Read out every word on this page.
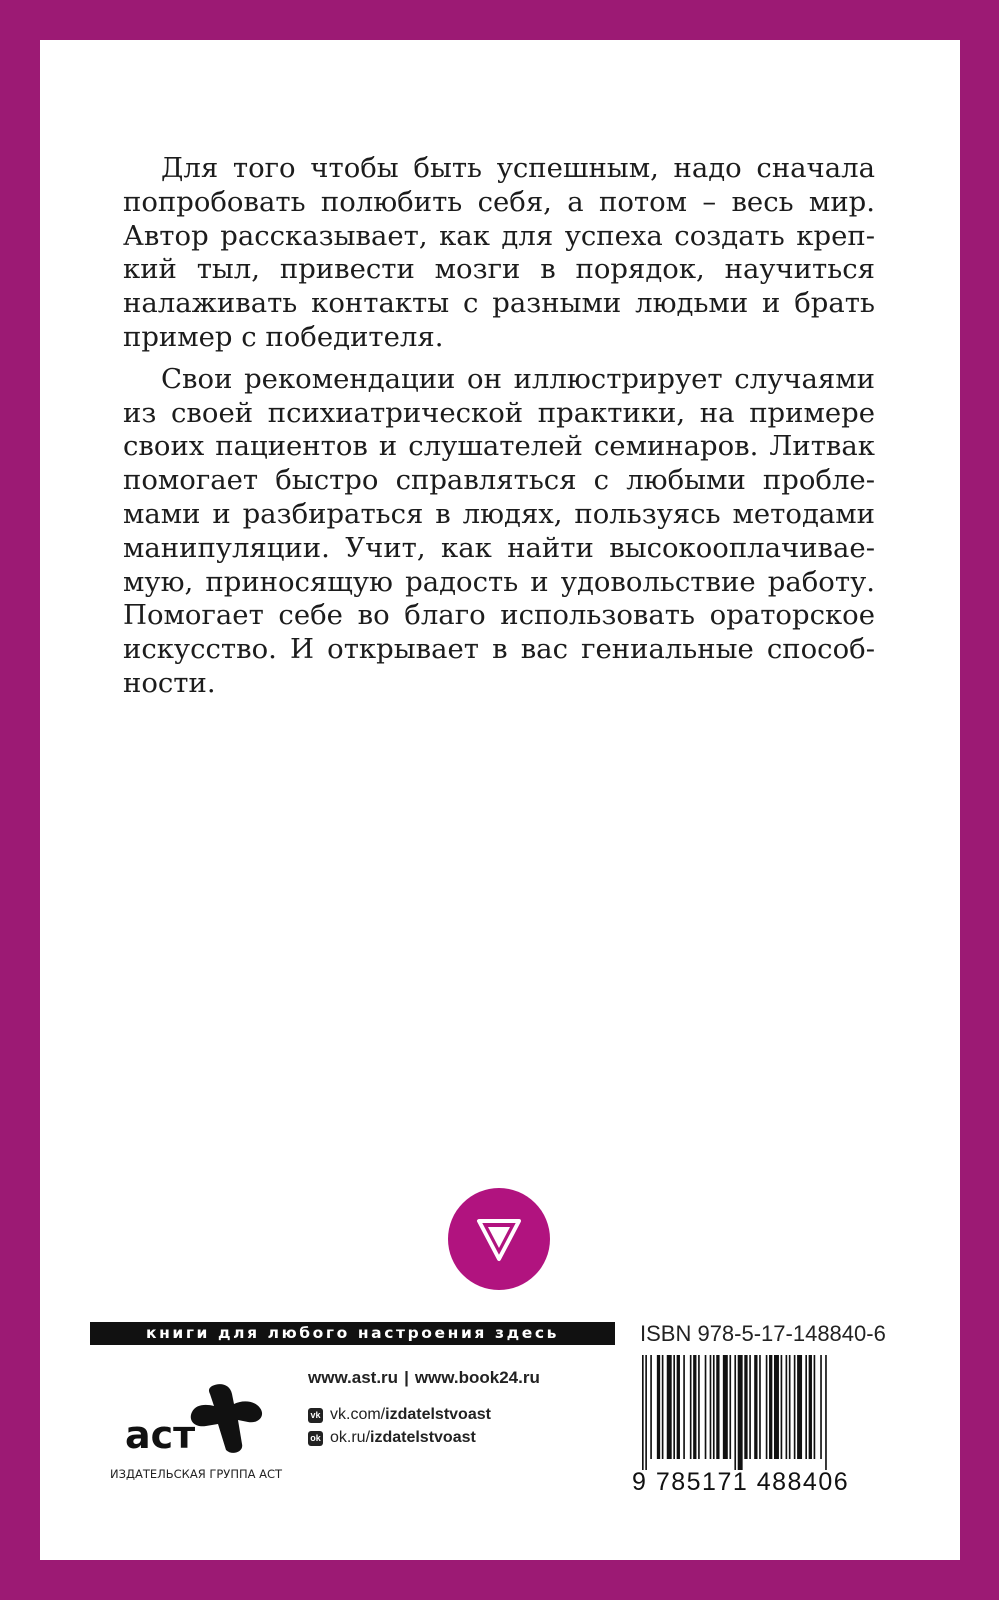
Для того чтобы быть успешным, надо сначала попробовать полюбить себя, а потом – весь мир. Автор рассказывает, как для успеха создать крепкий тыл, привести мозги в порядок, научиться налаживать контакты с разными людьми и брать пример с победителя.

Свои рекомендации он иллюстрирует случаями из своей психиатрической практики, на примере своих пациентов и слушателей семинаров. Литвак помогает быстро справляться с любыми проблемами и разбираться в людях, пользуясь методами манипуляции. Учит, как найти высокооплачиваемую, приносящую радость и удовольствие работу. Помогает себе во благо использовать ораторское искусство. И открывает в вас гениальные способности.

книги для любого настроения здесь
аст
ИЗДАТЕЛЬСКАЯ ГРУППА АСТ
www.ast.ru | www.book24.ru
vk vk.com/ izdatelstvoast
ok ok.ru/ izdatelstvoast
ISBN 978-5-17-148840-6
9 785171 488406
